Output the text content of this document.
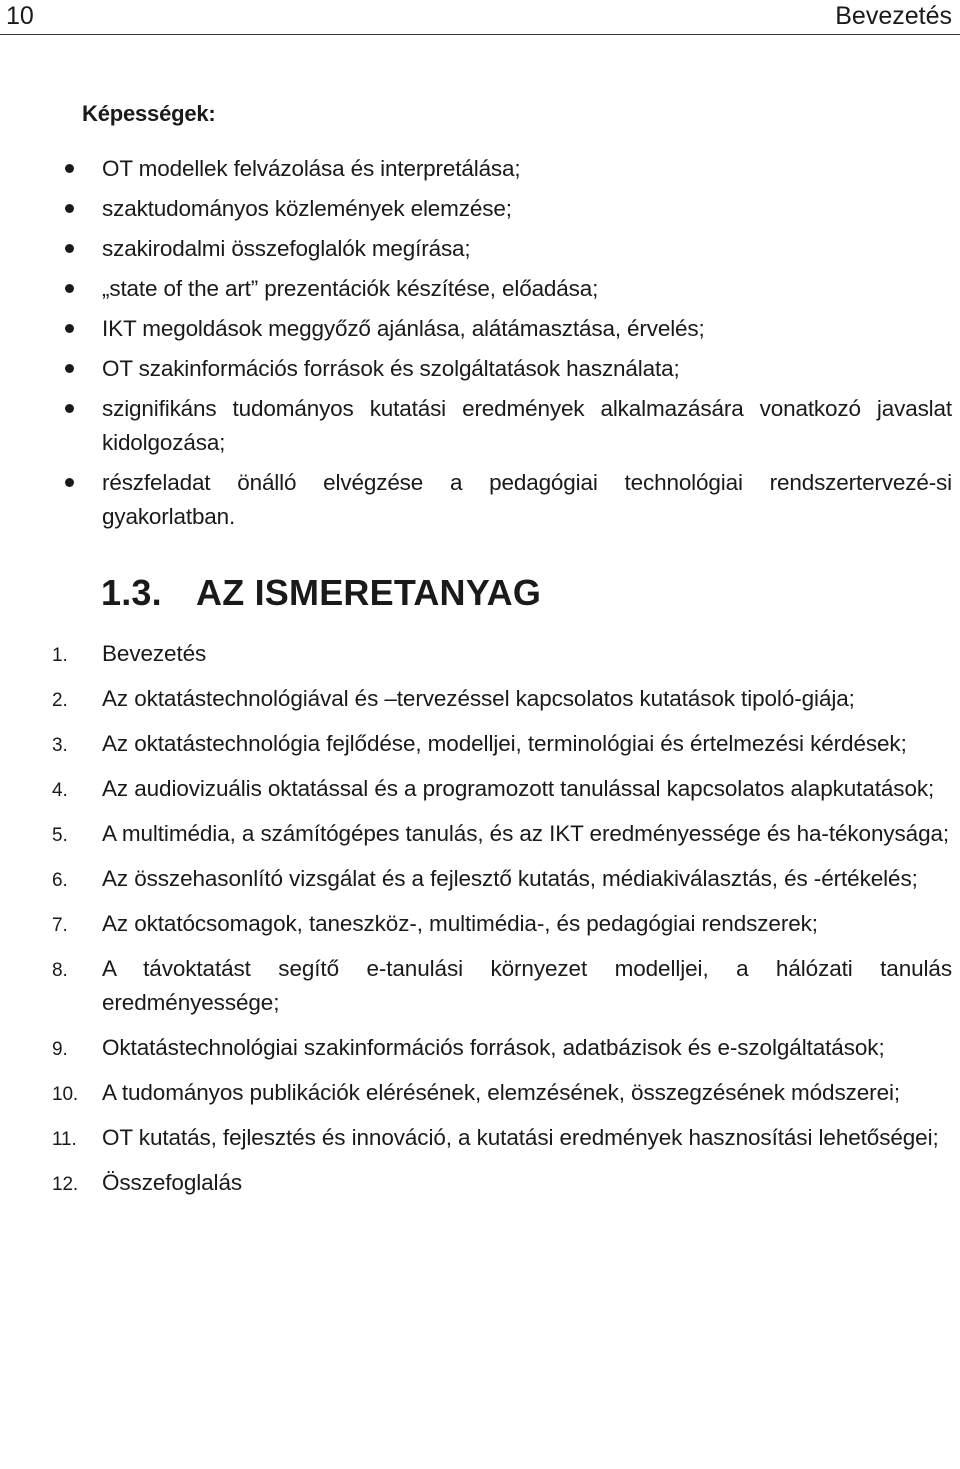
10	Bevezetés
Képességek:
OT modellek felvázolása és interpretálása;
szaktudományos közlemények elemzése;
szakirodalmi összefoglalók megírása;
„state of the art” prezentációk készítése, előadása;
IKT megoldások meggyőző ajánlása, alátámasztása, érvelés;
OT szakinformációs források és szolgáltatások használata;
szignifikáns tudományos kutatási eredmények alkalmazására vonatkozó javaslat kidolgozása;
részfeladat önálló elvégzése a pedagógiai technológiai rendszertervezé-si gyakorlatban.
1.3. AZ ISMERETANYAG
1. Bevezetés
2. Az oktatástechnológiával és –tervezéssel kapcsolatos kutatások tipoló-giája;
3. Az oktatástechnológia fejlődése, modelljei, terminológiai és értelmezési kérdések;
4. Az audiovizuális oktatással és a programozott tanulással kapcsolatos alapkutatások;
5. A multimédia, a számítógépes tanulás, és az IKT eredményessége és ha-tékonysága;
6. Az összehasonlító vizsgálat és a fejlesztő kutatás, médiakiválasztás, és -értékelés;
7. Az oktatócsomagok, taneszköz-, multimédia-, és pedagógiai rendszerek;
8. A távoktatást segítő e-tanulási környezet modelljei, a hálózati tanulás eredményessége;
9. Oktatástechnológiai szakinformációs források, adatbázisok és e-szolgáltatások;
10. A tudományos publikációk elérésének, elemzésének, összegzésének módszerei;
11. OT kutatás, fejlesztés és innováció, a kutatási eredmények hasznosítási lehetőségei;
12. Összefoglalás
